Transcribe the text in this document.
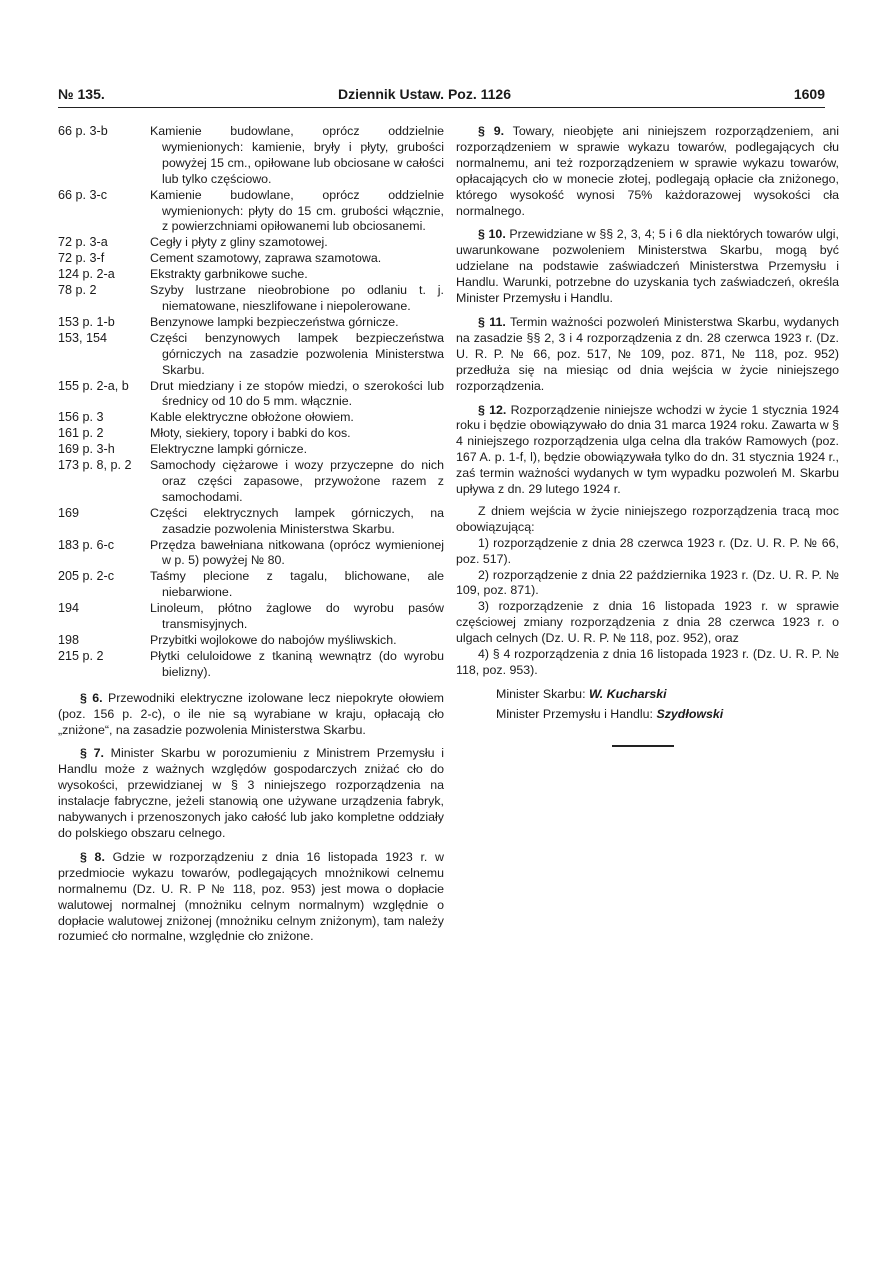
№ 135.	Dziennik Ustaw. Poz. 1126	1609
66 p. 3-b	Kamienie budowlane, oprócz oddzielnie wymienionych: kamienie, bryły i płyty, grubości powyżej 15 cm., opiłowane lub obciosane w całości lub tylko częściowo.
66 p. 3-c	Kamienie budowlane, oprócz oddzielnie wymienionych: płyty do 15 cm. grubości włącznie, z powierzchniami opiłowanemi lub obciosanemi.
72 p. 3-a	Cegły i płyty z gliny szamotowej.
72 p. 3-f	Cement szamotowy, zaprawa szamotowa.
124 p. 2-a	Ekstrakty garbnikowe suche.
78 p. 2	Szyby lustrzane nieobrobione po odlaniu t. j. niematowane, nieszlifowane i niepolerowane.
153 p. 1-b	Benzynowe lampki bezpieczeństwa górnicze.
153, 154	Części benzynowych lampek bezpieczeństwa górniczych na zasadzie pozwolenia Ministerstwa Skarbu.
155 p. 2-a, b	Drut miedziany i ze stopów miedzi, o szerokości lub średnicy od 10 do 5 mm. włącznie.
156 p. 3	Kable elektryczne obłożone ołowiem.
161 p. 2	Młoty, siekiery, topory i babki do kos.
169 p. 3-h	Elektryczne lampki górnicze.
173 p. 8, p. 2	Samochody ciężarowe i wozy przyczepne do nich oraz części zapasowe, przywożone razem z samochodami.
169	Części elektrycznych lampek górniczych, na zasadzie pozwolenia Ministerstwa Skarbu.
183 p. 6-c	Przędza bawełniana nitkowana (oprócz wymienionej w p. 5) powyżej № 80.
205 p. 2-c	Taśmy plecione z tagalu, blichowane, ale niebarwione.
194	Linoleum, płótno żaglowe do wyrobu pasów transmisyjnych.
198	Przybitki wojlokowe do nabojów myśliwskich.
215 p. 2	Płytki celuloidowe z tkaniną wewnątrz (do wyrobu bielizny).

§ 6. Przewodniki elektryczne izolowane lecz niepokryte ołowiem (poz. 156 p. 2-c), o ile nie są wyrabiane w kraju, opłacają cło „zniżone“, na zasadzie pozwolenia Ministerstwa Skarbu.

§ 7. Minister Skarbu w porozumieniu z Ministrem Przemysłu i Handlu może z ważnych względów gospodarczych zniżać cło do wysokości, przewidzianej w § 3 niniejszego rozporządzenia na instalacje fabryczne, jeżeli stanowią one używane urządzenia fabryk, nabywanych i przenoszonych jako całość lub jako kompletne oddziały do polskiego obszaru celnego.

§ 8. Gdzie w rozporządzeniu z dnia 16 listopada 1923 r. w przedmiocie wykazu towarów, podlegających mnożnikowi celnemu normalnemu (Dz. U. R. P № 118, poz. 953) jest mowa o dopłacie walutowej normalnej (mnożniku celnym normalnym) względnie o dopłacie walutowej zniżonej (mnożniku celnym zniżonym), tam należy rozumieć cło normalne, względnie cło zniżone.

§ 9. Towary, nieobjęte ani niniejszem rozporządzeniem, ani rozporządzeniem w sprawie wykazu towarów, podlegających cłu normalnemu, ani też rozporządzeniem w sprawie wykazu towarów, opłacających cło w monecie złotej, podlegają opłacie cła zniżonego, którego wysokość wynosi 75% każdorazowej wysokości cła normalnego.

§ 10. Przewidziane w §§ 2, 3, 4; 5 i 6 dla niektórych towarów ulgi, uwarunkowane pozwoleniem Ministerstwa Skarbu, mogą być udzielane na podstawie zaświadczeń Ministerstwa Przemysłu i Handlu. Warunki, potrzebne do uzyskania tych zaświadczeń, określa Minister Przemysłu i Handlu.

§ 11. Termin ważności pozwoleń Ministerstwa Skarbu, wydanych na zasadzie §§ 2, 3 i 4 rozporządzenia z dn. 28 czerwca 1923 r. (Dz. U. R. P. № 66, poz. 517, № 109, poz. 871, № 118, poz. 952) przedłuża się na miesiąc od dnia wejścia w życie niniejszego rozporządzenia.

§ 12. Rozporządzenie niniejsze wchodzi w życie 1 stycznia 1924 roku i będzie obowiązywało do dnia 31 marca 1924 roku. Zawarta w § 4 niniejszego rozporządzenia ulga celna dla traków Ramowych (poz. 167 A. p. 1-f, l), będzie obowiązywała tylko do dn. 31 stycznia 1924 r., zaś termin ważności wydanych w tym wypadku pozwoleń M. Skarbu upływa z dn. 29 lutego 1924 r.

Z dniem wejścia w życie niniejszego rozporządzenia tracą moc obowiązującą:

1) rozporządzenie z dnia 28 czerwca 1923 r. (Dz. U. R. P. № 66, poz. 517).

2) rozporządzenie z dnia 22 października 1923 r. (Dz. U. R. P. № 109, poz. 871).

3) rozporządzenie z dnia 16 listopada 1923 r. w sprawie częściowej zmiany rozporządzenia z dnia 28 czerwca 1923 r. o ulgach celnych (Dz. U. R. P. № 118, poz. 952), oraz

4) § 4 rozporządzenia z dnia 16 listopada 1923 r. (Dz. U. R. P. № 118, poz. 953).

Minister Skarbu: W. Kucharski
Minister Przemysłu i Handlu: Szydłowski
